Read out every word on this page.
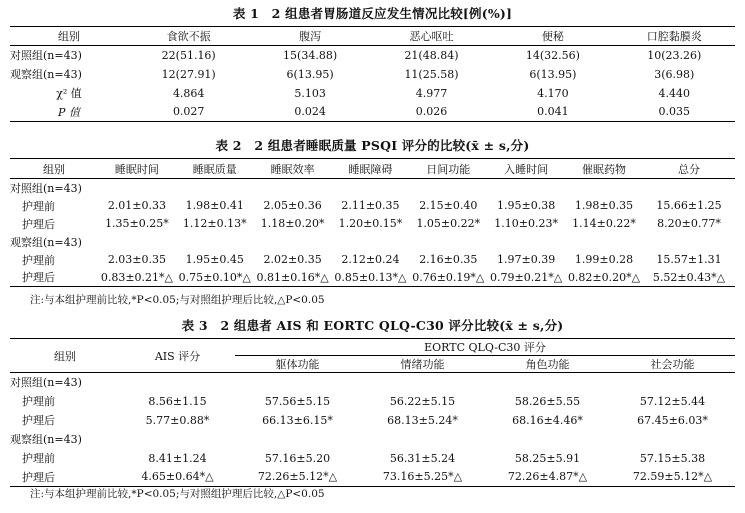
表 1　2 组患者胃肠道反应发生情况比较[例(%)]
组别	食欲不振	腹泻	恶心呕吐	便秘	口腔黏膜炎
对照组(n=43)	22(51.16)	15(34.88)	21(48.84)	14(32.56)	10(23.26)
观察组(n=43)	12(27.91)	6(13.95)	11(25.58)	6(13.95)	3(6.98)
χ² 值	4.864	5.103	4.977	4.170	4.440
P 值	0.027	0.024	0.026	0.041	0.035
表 2　2 组患者睡眠质量 PSQI 评分的比较(x̄ ± s,分)
组别	睡眠时间	睡眠质量	睡眠效率	睡眠障碍	日间功能	入睡时间	催眠药物	总分
对照组(n=43)								
护理前	2.01±0.33	1.98±0.41	2.05±0.36	2.11±0.35	2.15±0.40	1.95±0.38	1.98±0.35	15.66±1.25
护理后	1.35±0.25*	1.12±0.13*	1.18±0.20*	1.20±0.15*	1.05±0.22*	1.10±0.23*	1.14±0.22*	8.20±0.77*
观察组(n=43)								
护理前	2.03±0.35	1.95±0.45	2.02±0.35	2.12±0.24	2.16±0.35	1.97±0.39	1.99±0.28	15.57±1.31
护理后	0.83±0.21*△	0.75±0.10*△	0.81±0.16*△	0.85±0.13*△	0.76±0.19*△	0.79±0.21*△	0.82±0.20*△	5.52±0.43*△
注:与本组护理前比较,*P<0.05;与对照组护理后比较,△P<0.05
表 3　2 组患者 AIS 和 EORTC QLQ-C30 评分比较(x̄ ± s,分)
组别	AIS 评分	EORTC QLQ-C30 评分			
		躯体功能	情绪功能	角色功能	社会功能
对照组(n=43)					
护理前	8.56±1.15	57.56±5.15	56.22±5.15	58.26±5.55	57.12±5.44
护理后	5.77±0.88*	66.13±6.15*	68.13±5.24*	68.16±4.46*	67.45±6.03*
观察组(n=43)					
护理前	8.41±1.24	57.16±5.20	56.31±5.24	58.25±5.91	57.15±5.38
护理后	4.65±0.64*△	72.26±5.12*△	73.16±5.25*△	72.26±4.87*△	72.59±5.12*△
注:与本组护理前比较,*P<0.05;与对照组护理后比较,△P<0.05
